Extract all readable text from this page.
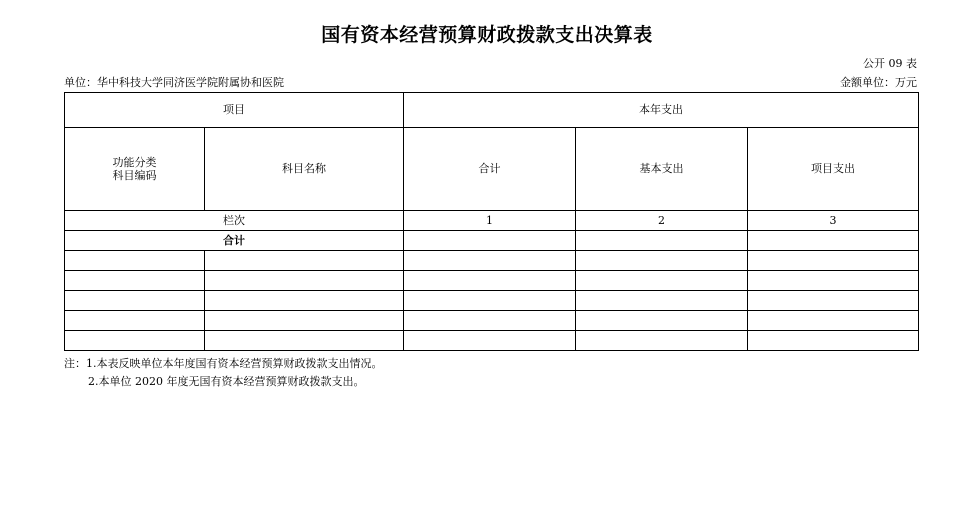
国有资本经营预算财政拨款支出决算表
公开 09 表
单位：华中科技大学同济医学院附属协和医院	金额单位：万元
项目		本年支出		

功能分类
科目编码	科目名称	合计	基本支出	项目支出
栏次		1	2	3
合计				

注：1.本表反映单位本年度国有资本经营预算财政拨款支出情况。
2.本单位 2020 年度无国有资本经营预算财政拨款支出。
